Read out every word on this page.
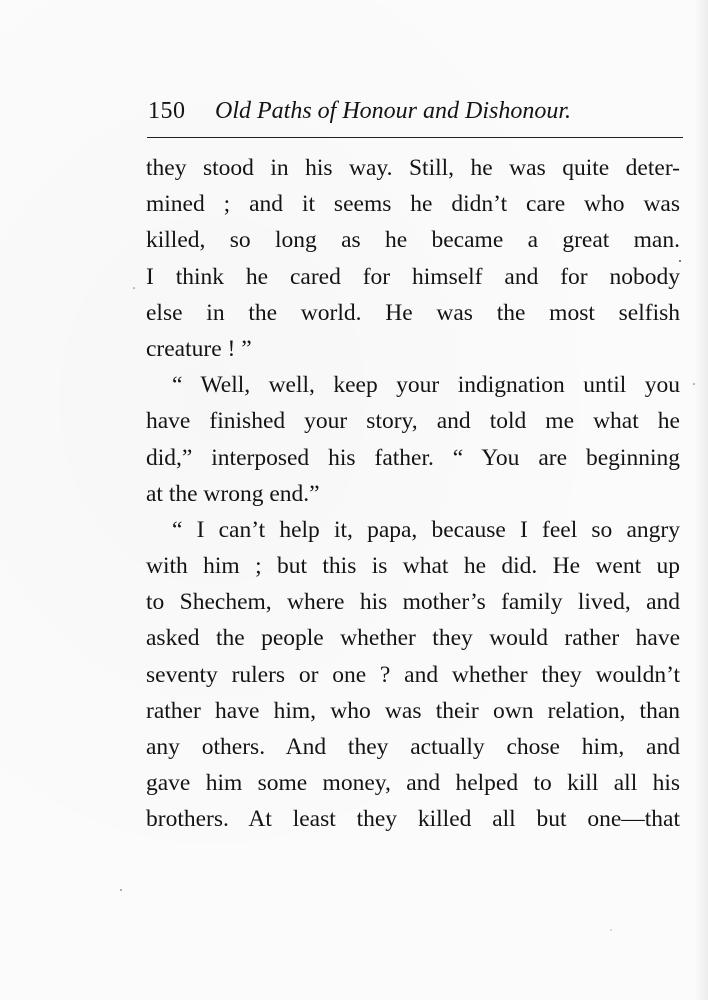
150 Old Paths of Honour and Dishonour.
they stood in his way. Still, he was quite deter-
mined ; and it seems he didn’t care who was
killed, so long as he became a great man.
I think he cared for himself and for nobody
else in the world. He was the most selfish
creature ! ”
“ Well, well, keep your indignation until you
have finished your story, and told me what he
did,” interposed his father. “ You are beginning
at the wrong end.”
“ I can’t help it, papa, because I feel so angry
with him ; but this is what he did. He went up
to Shechem, where his mother’s family lived, and
asked the people whether they would rather have
seventy rulers or one ? and whether they wouldn’t
rather have him, who was their own relation, than
any others. And they actually chose him, and
gave him some money, and helped to kill all his
brothers. At least they killed all but one—that
